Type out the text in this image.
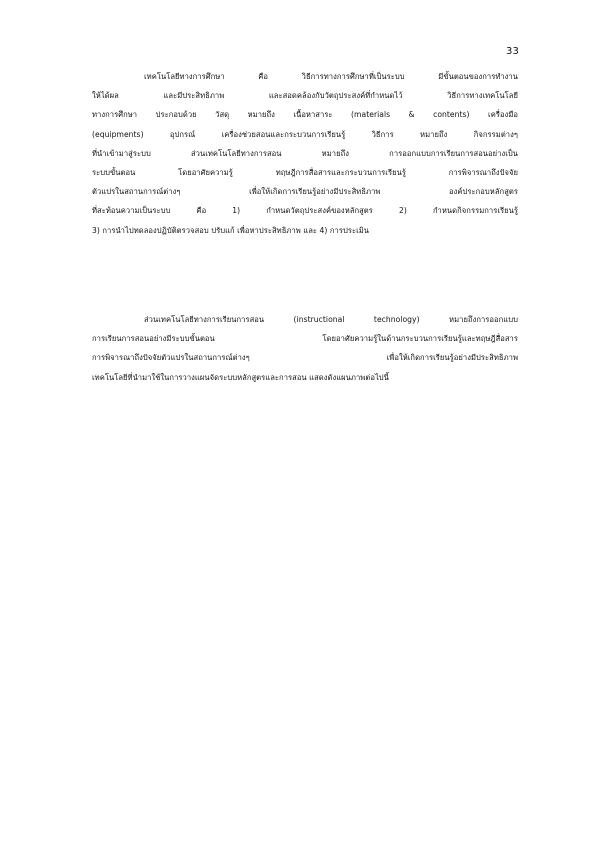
33
เทคโนโลยีทางการศึกษา คือ วิธีการทางการศึกษาที่เป็นระบบ มีขั้นตอนของการทำงาน
ให้ได้ผล และมีประสิทธิภาพ และสอดคล้องกับวัตถุประสงค์ที่กำหนดไว้ วิธีการทางเทคโนโลยี
ทางการศึกษา ประกอบด้วย วัสดุ หมายถึง เนื้อหาสาระ (materials & contents) เครื่องมือ
(equipments) อุปกรณ์ เครื่องช่วยสอนและกระบวนการเรียนรู้ วิธีการ หมายถึง กิจกรรมต่างๆ
ที่นำเข้ามาสู่ระบบ ส่วนเทคโนโลยีทางการสอน หมายถึง การออกแบบการเรียนการสอนอย่างเป็น
ระบบขั้นตอน โดยอาศัยความรู้ ทฤษฎีการสื่อสารและกระบวนการเรียนรู้ การพิจารณาถึงปัจจัย
ตัวแปรในสถานการณ์ต่างๆ เพื่อให้เกิดการเรียนรู้อย่างมีประสิทธิภาพ องค์ประกอบหลักสูตร
ที่สะท้อนความเป็นระบบ คือ 1) กำหนดวัตถุประสงค์ของหลักสูตร 2) กำหนดกิจกรรมการเรียนรู้
3) การนำไปทดลองปฏิบัติตรวจสอบ ปรับแก้ เพื่อหาประสิทธิภาพ และ 4) การประเมิน
ส่วนเทคโนโลยีทางการเรียนการสอน (instructional technology) หมายถึงการออกแบบ
การเรียนการสอนอย่างมีระบบขั้นตอน โดยอาศัยความรู้ในด้านกระบวนการเรียนรู้และทฤษฎีสื่อสาร
การพิจารณาถึงปัจจัยตัวแปรในสถานการณ์ต่างๆ เพื่อให้เกิดการเรียนรู้อย่างมีประสิทธิภาพ
เทคโนโลยีที่นำมาใช้ในการวางแผนจัดระบบหลักสูตรและการสอน แสดงดังแผนภาพต่อไปนี้
